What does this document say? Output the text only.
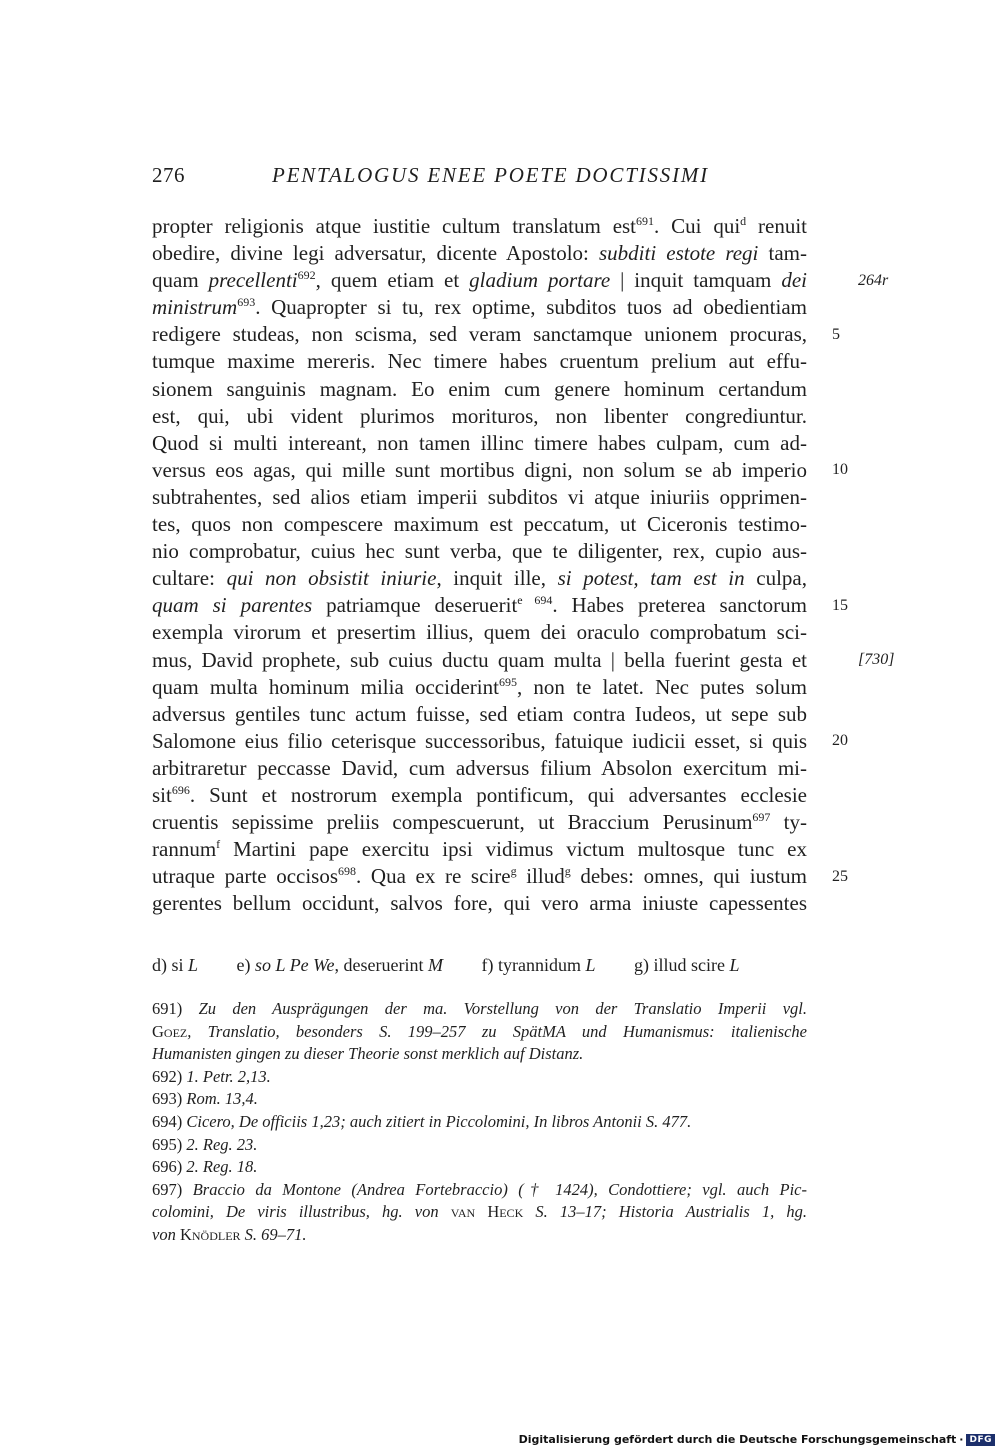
276	PENTALOGUS ENEE POETE DOCTISSIMI
propter religionis atque iustitie cultum translatum est$^{691}$. Cui qui$^d$ renuit
obedire, divine legi adversatur, dicente Apostolo: subditi estote regi tam-
quam precellenti$^{692}$, quem etiam et gladium portare | inquit tamquam dei
ministrum$^{693}$. Quapropter si tu, rex optime, subditos tuos ad obedientiam
redigere studeas, non scisma, sed veram sanctamque unionem procuras,
tumque maxime mereris. Nec timere habes cruentum prelium aut effu-
sionem sanguinis magnam. Eo enim cum genere hominum certandum
est, qui, ubi vident plurimos morituros, non libenter congrediuntur.
Quod si multi intereant, non tamen illinc timere habes culpam, cum ad-
versus eos agas, qui mille sunt mortibus digni, non solum se ab imperio
subtrahentes, sed alios etiam imperii subditos vi atque iniuriis opprimen-
tes, quos non compescere maximum est peccatum, ut Ciceronis testimo-
nio comprobatur, cuius hec sunt verba, que te diligenter, rex, cupio aus-
cultare: qui non obsistit iniurie, inquit ille, si potest, tam est in culpa,
quam si parentes patriamque deseruerit$^{e 694}$. Habes preterea sanctorum
exempla virorum et presertim illius, quem dei oraculo comprobatum sci-
mus, David prophete, sub cuius ductu quam multa | bella fuerint gesta et
quam multa hominum milia occiderint$^{695}$, non te latet. Nec putes solum
adversus gentiles tunc actum fuisse, sed etiam contra Iudeos, ut sepe sub
Salomone eius filio ceterisque successoribus, fatuique iudicii esset, si quis
arbitraretur peccasse David, cum adversus filium Absolon exercitum mi-
sit$^{696}$. Sunt et nostrorum exempla pontificum, qui adversantes ecclesie
cruentis sepissime preliis compescuerunt, ut Braccium Perusinum$^{697}$ ty-
rannum$^f$ Martini pape exercitu ipsi vidimus victum multosque tunc ex
utraque parte occisos$^{698}$. Qua ex re scire$^g$ illud$^g$ debes: omnes, qui iustum
gerentes bellum occidunt, salvos fore, qui vero arma iniuste capessentes
5
10
15
20
25
264r
[730]
d) si L e) so L Pe We, deseruerint M f) tyrannidum L g) illud scire L
691) Zu den Ausprägungen der ma. Vorstellung von der Translatio Imperii vgl.
Goez, Translatio, besonders S. 199–257 zu SpätMA und Humanismus: italienische
Humanisten gingen zu dieser Theorie sonst merklich auf Distanz.
692) 1. Petr. 2,13.
693) Rom. 13,4.
694) Cicero, De officiis 1,23; auch zitiert in Piccolomini, In libros Antonii S. 477.
695) 2. Reg. 23.
696) 2. Reg. 18.
697) Braccio da Montone (Andrea Fortebraccio) († 1424), Condottiere; vgl. auch Pic-
colomini, De viris illustribus, hg. von van Heck S. 13–17; Historia Austrialis 1, hg.
von Knödler S. 69–71.
Digitalisierung gefördert durch die Deutsche Forschungsgemeinschaft · DFG
